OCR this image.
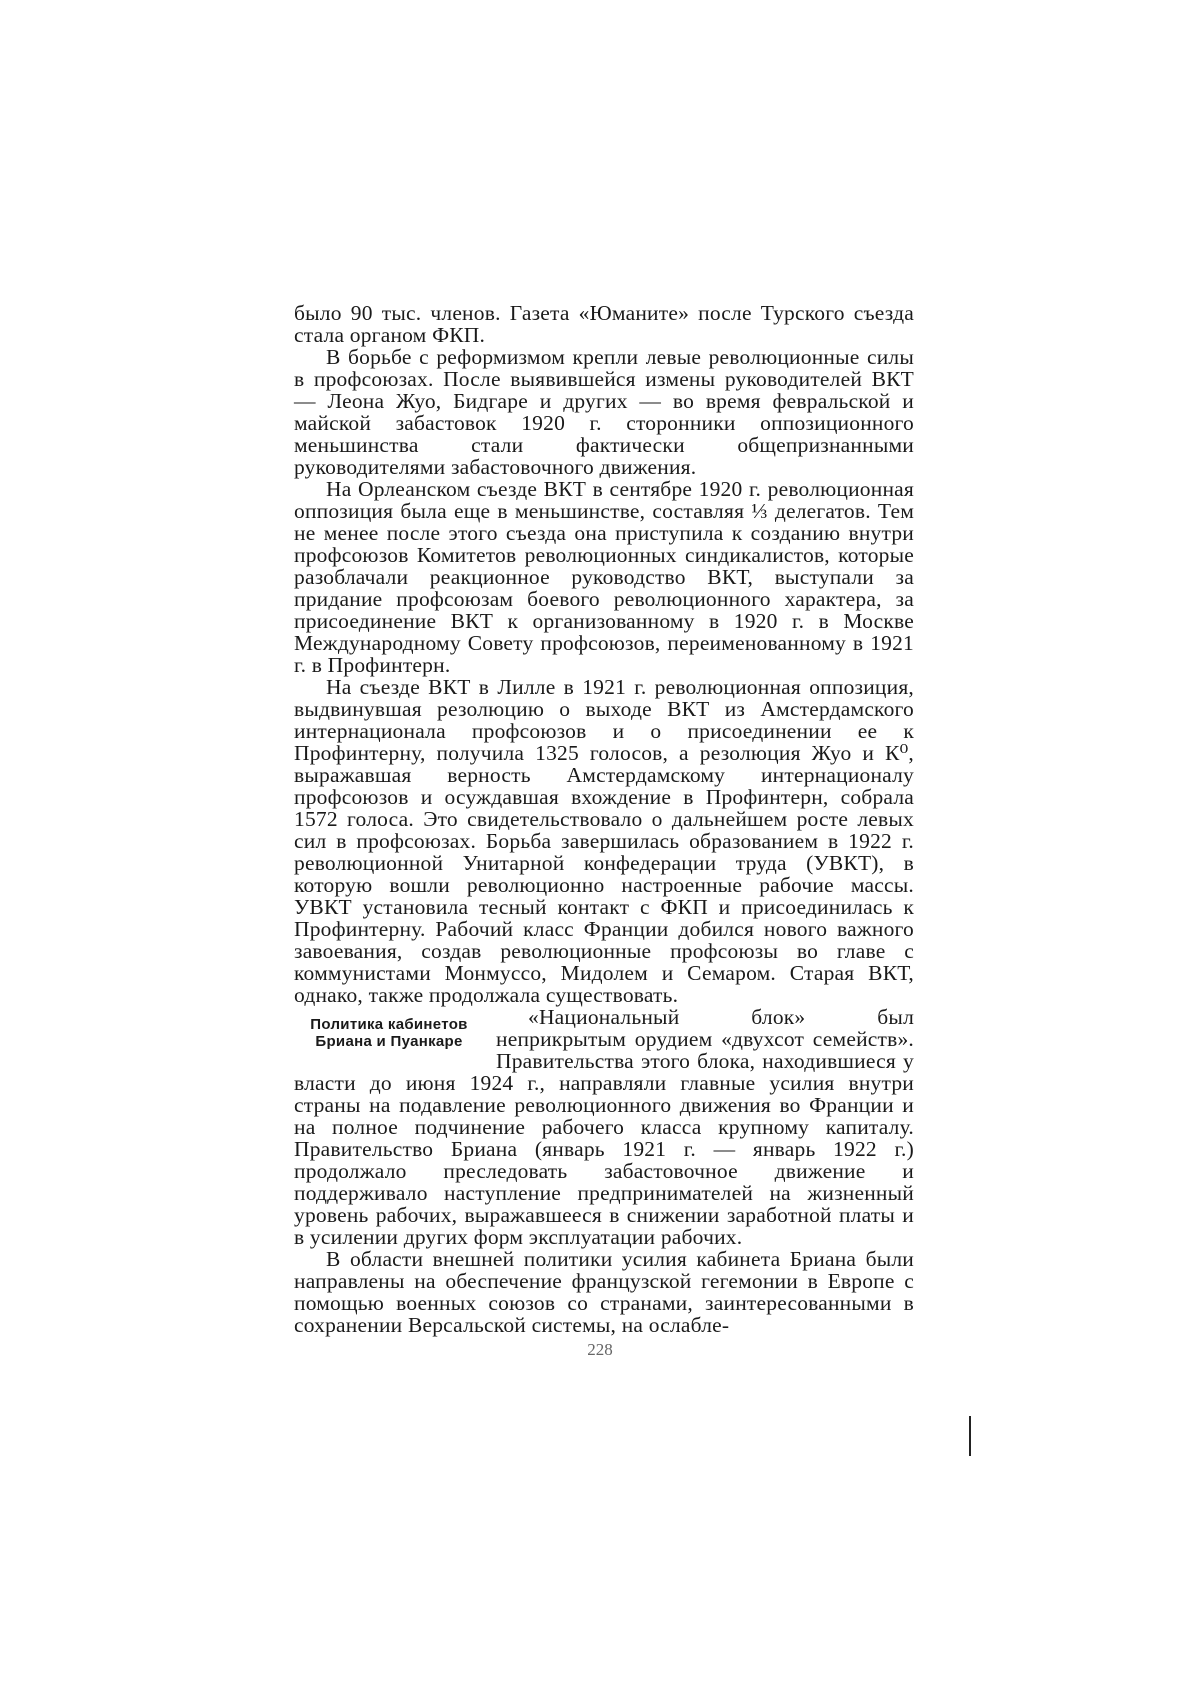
было 90 тыс. членов. Газета «Юманите» после Турского съезда стала органом ФКП.

В борьбе с реформизмом крепли левые революционные силы в профсоюзах. После выявившейся измены руководителей ВКТ — Леона Жуо, Бидгаре и других — во время февральской и майской забастовок 1920 г. сторонники оппозиционного меньшинства стали фактически общепризнанными руководителями забастовочного движения.

На Орлеанском съезде ВКТ в сентябре 1920 г. революционная оппозиция была еще в меньшинстве, составляя ⅓ делегатов. Тем не менее после этого съезда она приступила к созданию внутри профсоюзов Комитетов революционных синдикалистов, которые разоблачали реакционное руководство ВКТ, выступали за придание профсоюзам боевого революционного характера, за присоединение ВКТ к организованному в 1920 г. в Москве Международному Совету профсоюзов, переименованному в 1921 г. в Профинтерн.

На съезде ВКТ в Лилле в 1921 г. революционная оппозиция, выдвинувшая резолюцию о выходе ВКТ из Амстердамского интернационала профсоюзов и о присоединении ее к Профинтерну, получила 1325 голосов, а резолюция Жуо и К⁰, выражавшая верность Амстердамскому интернационалу профсоюзов и осуждавшая вхождение в Профинтерн, собрала 1572 голоса. Это свидетельствовало о дальнейшем росте левых сил в профсоюзах. Борьба завершилась образованием в 1922 г. революционной Унитарной конфедерации труда (УВКТ), в которую вошли революционно настроенные рабочие массы. УВКТ установила тесный контакт с ФКП и присоединилась к Профинтерну. Рабочий класс Франции добился нового важного завоевания, создав революционные профсоюзы во главе с коммунистами Монмуссо, Мидолем и Семаром. Старая ВКТ, однако, также продолжала существовать.

Политика кабинетов Бриана и Пуанкаре

«Национальный блок» был неприкрытым орудием «двухсот семейств». Правительства этого блока, находившиеся у власти до июня 1924 г., направляли главные усилия внутри страны на подавление революционного движения во Франции и на полное подчинение рабочего класса крупному капиталу. Правительство Бриана (январь 1921 г. — январь 1922 г.) продолжало преследовать забастовочное движение и поддерживало наступление предпринимателей на жизненный уровень рабочих, выражавшееся в снижении заработной платы и в усилении других форм эксплуатации рабочих.

В области внешней политики усилия кабинета Бриана были направлены на обеспечение французской гегемонии в Европе с помощью военных союзов со странами, заинтересованными в сохранении Версальской системы, на ослабле-

228
